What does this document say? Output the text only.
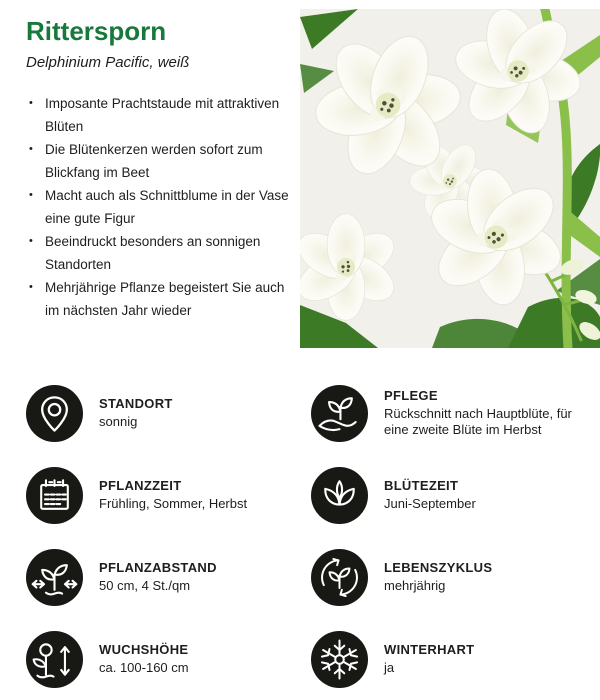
Rittersporn

Delphinium Pacific, weiß

• Imposante Prachtstaude mit attraktiven Blüten
• Die Blütenkerzen werden sofort zum Blickfang im Beet
• Macht auch als Schnittblume in der Vase eine gute Figur
• Beeindruckt besonders an sonnigen Standorten
• Mehrjährige Pflanze begeistert Sie auch im nächsten Jahr wieder
STANDORT
sonnig
PFLEGE
Rückschnitt nach Hauptblüte, für eine zweite Blüte im Herbst
PFLANZZEIT
Frühling, Sommer, Herbst
BLÜTEZEIT
Juni-September
PFLANZABSTAND
50 cm, 4 St./qm
LEBENSZYKLUS
mehrjährig
WUCHSHÖHE
ca. 100-160 cm
WINTERHART
ja
